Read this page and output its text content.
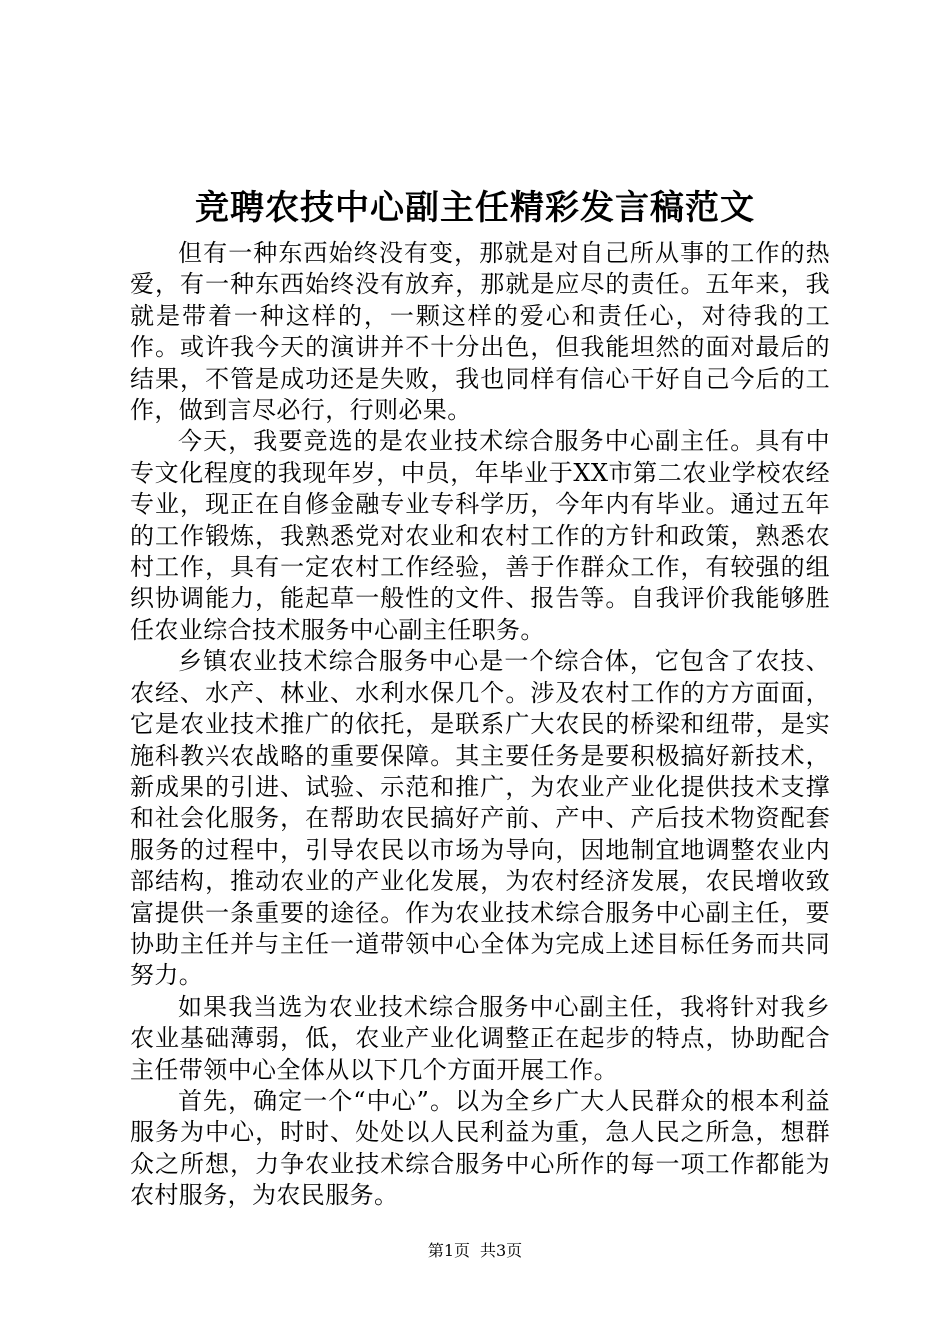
竞聘农技中心副主任精彩发言稿范文

但有一种东西始终没有变，那就是对自己所从事的工作的热爱，有一种东西始终没有放弃，那就是应尽的责任。五年来，我就是带着一种这样的，一颗这样的爱心和责任心，对待我的工作。或许我今天的演讲并不十分出色，但我能坦然的面对最后的结果，不管是成功还是失败，我也同样有信心干好自己今后的工作，做到言尽必行，行则必果。

今天，我要竞选的是农业技术综合服务中心副主任。具有中专文化程度的我现年岁，中员，年毕业于XX市第二农业学校农经专业，现正在自修金融专业专科学历，今年内有毕业。通过五年的工作锻炼，我熟悉党对农业和农村工作的方针和政策，熟悉农村工作，具有一定农村工作经验，善于作群众工作，有较强的组织协调能力，能起草一般性的文件、报告等。自我评价我能够胜任农业综合技术服务中心副主任职务。

乡镇农业技术综合服务中心是一个综合体，它包含了农技、农经、水产、林业、水利水保几个。涉及农村工作的方方面面，它是农业技术推广的依托，是联系广大农民的桥梁和纽带，是实施科教兴农战略的重要保障。其主要任务是要积极搞好新技术，新成果的引进、试验、示范和推广，为农业产业化提供技术支撑和社会化服务，在帮助农民搞好产前、产中、产后技术物资配套服务的过程中，引导农民以市场为导向，因地制宜地调整农业内部结构，推动农业的产业化发展，为农村经济发展，农民增收致富提供一条重要的途径。作为农业技术综合服务中心副主任，要协助主任并与主任一道带领中心全体为完成上述目标任务而共同努力。

如果我当选为农业技术综合服务中心副主任，我将针对我乡农业基础薄弱，低，农业产业化调整正在起步的特点，协助配合主任带领中心全体从以下几个方面开展工作。

首先，确定一个“中心”。以为全乡广大人民群众的根本利益服务为中心，时时、处处以人民利益为重，急人民之所急，想群众之所想，力争农业技术综合服务中心所作的每一项工作都能为农村服务，为农民服务。

第1页 共3页
